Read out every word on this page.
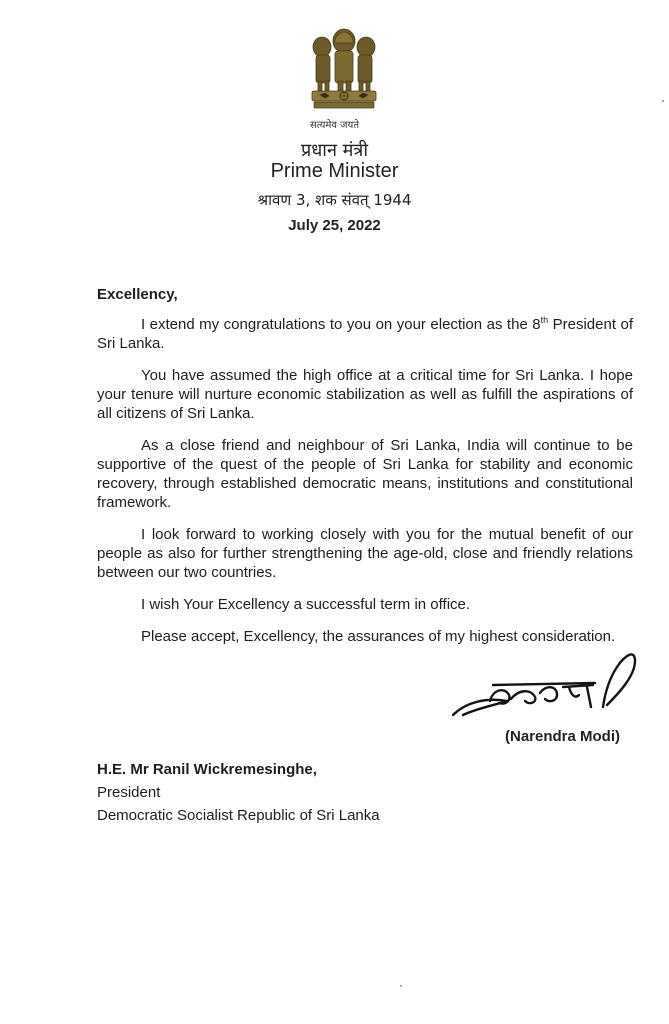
सत्यमेव जयते
प्रधान मंत्री
Prime Minister
श्रावण 3, शक संवत् 1944
July 25, 2022
Excellency,

I extend my congratulations to you on your election as the 8th President of Sri Lanka.

You have assumed the high office at a critical time for Sri Lanka. I hope your tenure will nurture economic stabilization as well as fulfill the aspirations of all citizens of Sri Lanka.

As a close friend and neighbour of Sri Lanka, India will continue to be supportive of the quest of the people of Sri Lanka for stability and economic recovery, through established democratic means, institutions and constitutional framework.

I look forward to working closely with you for the mutual benefit of our people as also for further strengthening the age-old, close and friendly relations between our two countries.

I wish Your Excellency a successful term in office.

Please accept, Excellency, the assurances of my highest consideration.

(Narendra Modi)
H.E. Mr Ranil Wickremesinghe,
President
Democratic Socialist Republic of Sri Lanka
